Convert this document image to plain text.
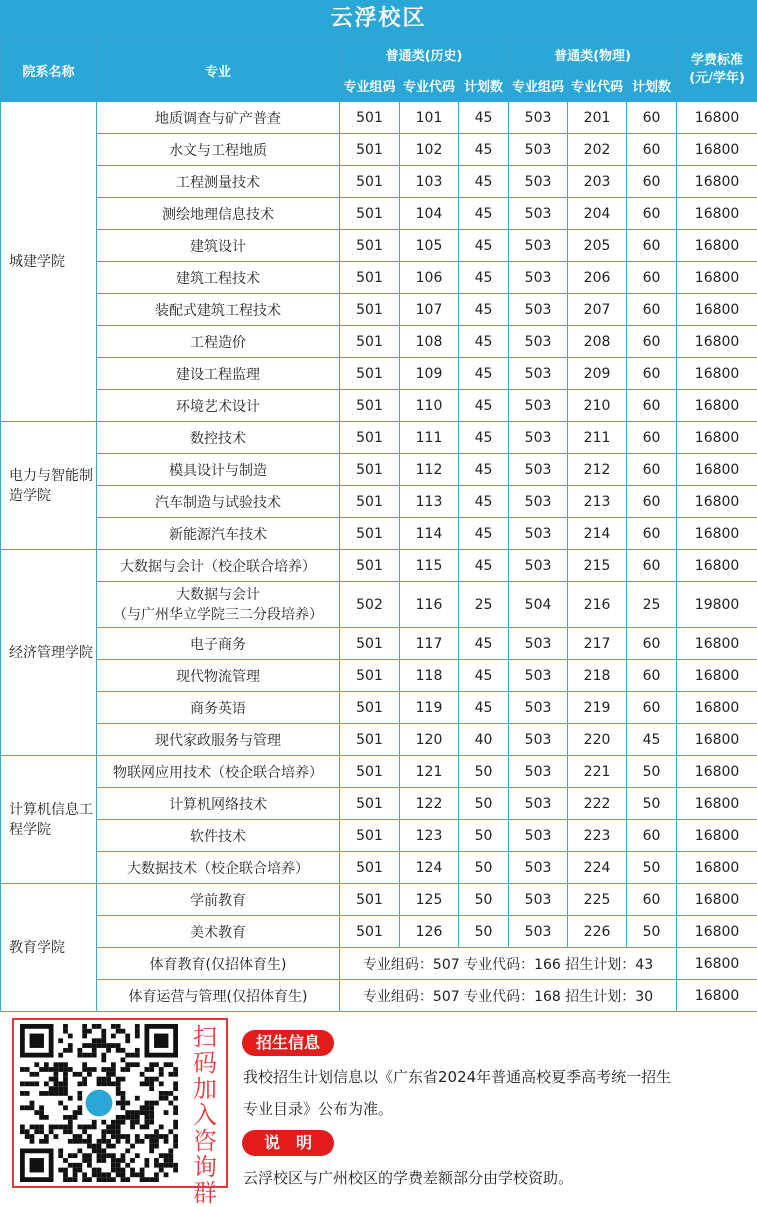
云浮校区
院系名称	专业	普通类(历史)			普通类(物理)			学费标准
(元/学年)

		专业组码	专业代码	计划数	专业组码	专业代码	计划数	
城建学院	地质调查与矿产普查	501	101	45	503	201	60	16800
	水文与工程地质	501	102	45	503	202	60	16800
	工程测量技术	501	103	45	503	203	60	16800
	测绘地理信息技术	501	104	45	503	204	60	16800
	建筑设计	501	105	45	503	205	60	16800
	建筑工程技术	501	106	45	503	206	60	16800
	装配式建筑工程技术	501	107	45	503	207	60	16800
	工程造价	501	108	45	503	208	60	16800
	建设工程监理	501	109	45	503	209	60	16800
	环境艺术设计	501	110	45	503	210	60	16800
电力与智能制造学院	数控技术	501	111	45	503	211	60	16800
	模具设计与制造	501	112	45	503	212	60	16800
	汽车制造与试验技术	501	113	45	503	213	60	16800
	新能源汽车技术	501	114	45	503	214	60	16800
经济管理学院	大数据与会计（校企联合培养）	501	115	45	503	215	60	16800

	大数据与会计
（与广州华立学院三二分段培养）	502	116	25	504	216	25	19800
	电子商务	501	117	45	503	217	60	16800
	现代物流管理	501	118	45	503	218	60	16800
	商务英语	501	119	45	503	219	60	16800
	现代家政服务与管理	501	120	40	503	220	45	16800
计算机信息工程学院	物联网应用技术（校企联合培养）	501	121	50	503	221	50	16800
	计算机网络技术	501	122	50	503	222	50	16800
	软件技术	501	123	50	503	223	60	16800
	大数据技术（校企联合培养）	501	124	50	503	224	50	16800
教育学院	学前教育	501	125	50	503	225	60	16800
	美术教育	501	126	50	503	226	50	16800
	体育教育(仅招体育生)	专业组码：507 专业代码：166 招生计划：43						16800
	体育运营与管理(仅招体育生)	专业组码：507 专业代码：168 招生计划：30						16800
扫码加入咨询群
招生信息
我校招生计划信息以《广东省2024年普通高校夏季高考统一招生
专业目录》公布为准。
说　明
云浮校区与广州校区的学费差额部分由学校资助。
